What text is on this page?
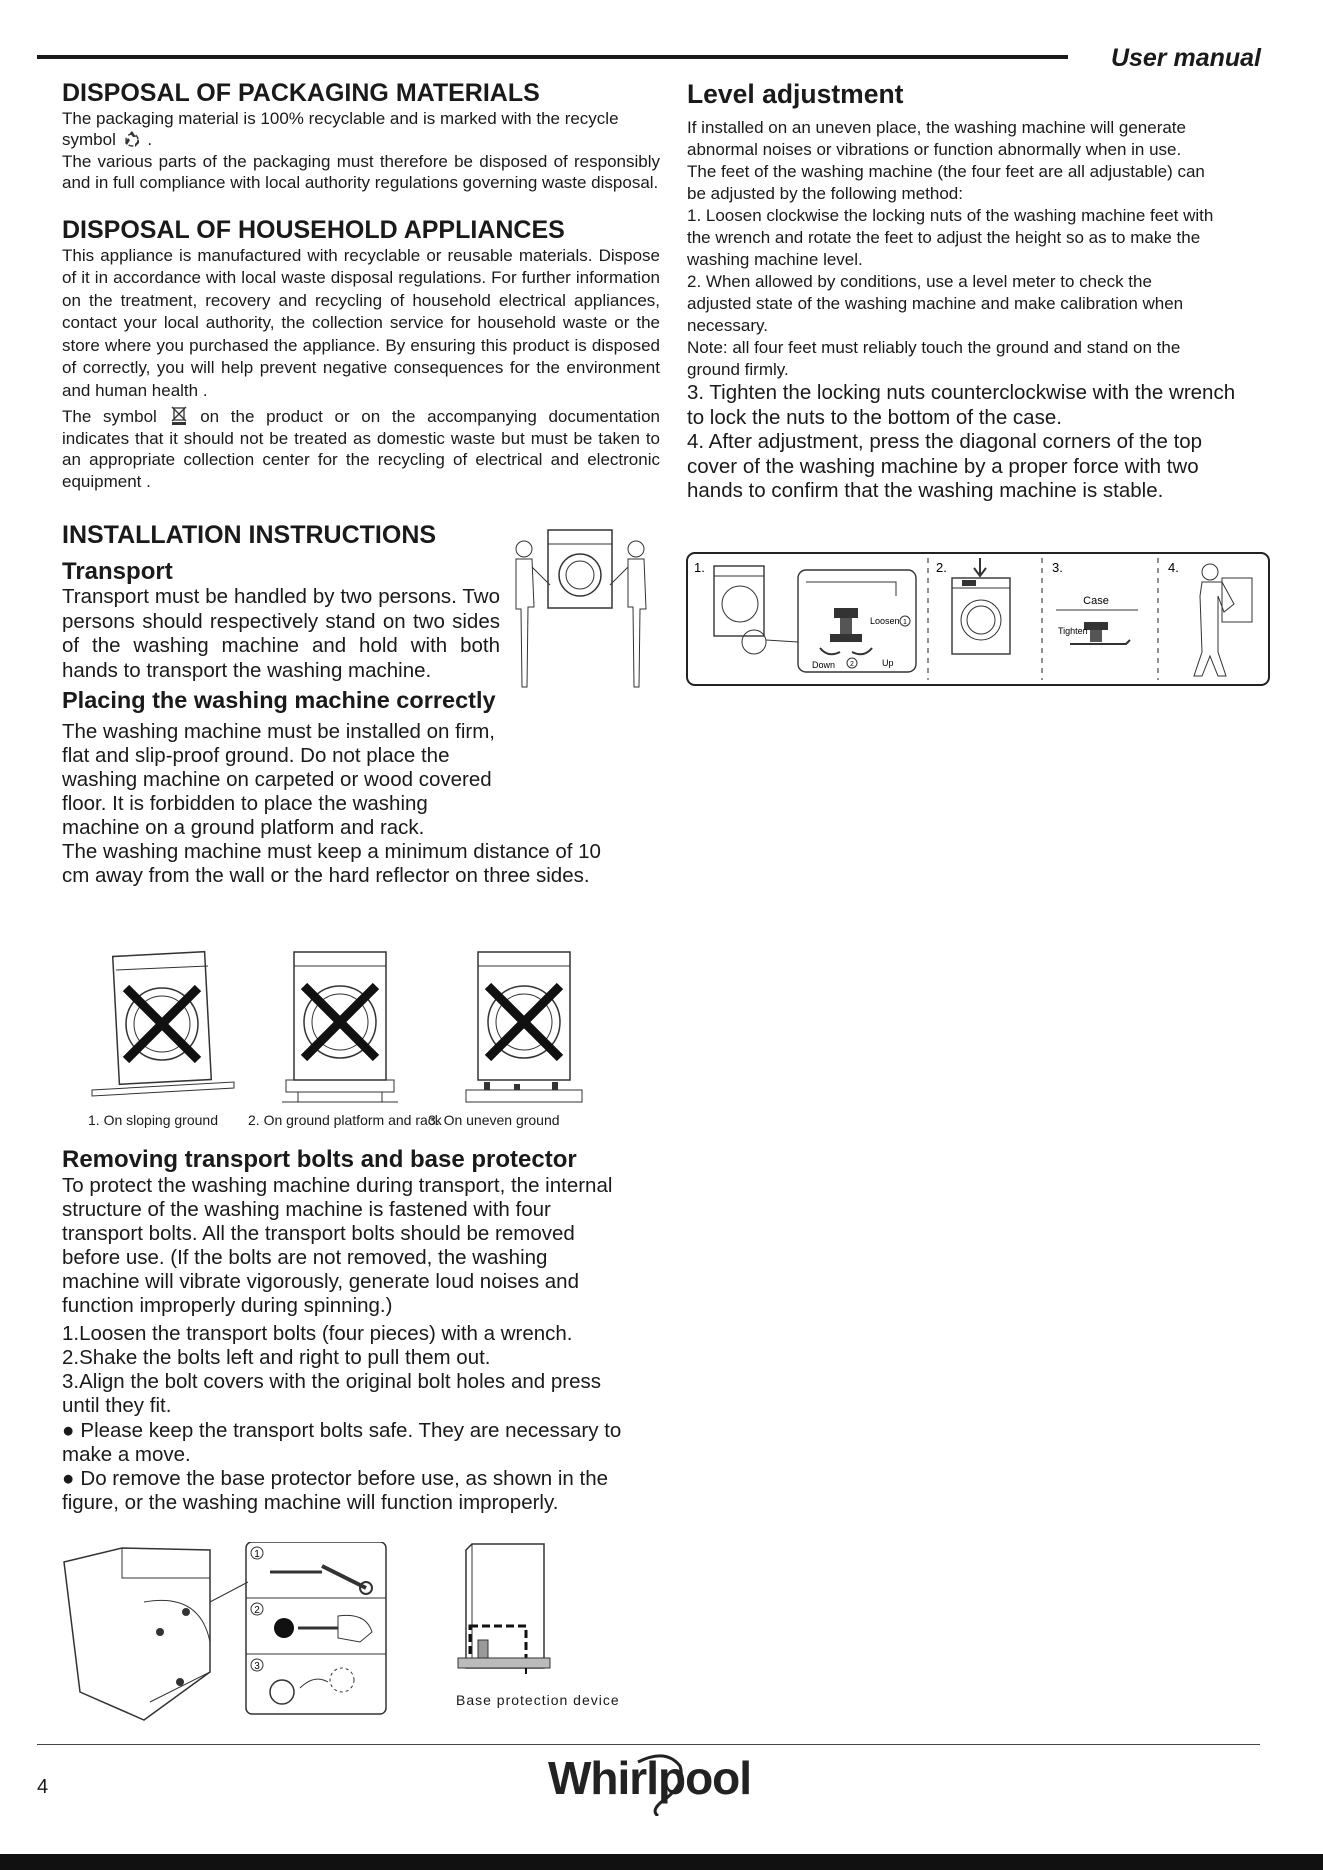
User manual
DISPOSAL OF PACKAGING MATERIALS

The packaging material is 100% recyclable and is marked with the recycle symbol  .

The various parts of the packaging must therefore be disposed of responsibly and in full compliance with local authority regulations governing waste disposal.

DISPOSAL OF HOUSEHOLD APPLIANCES

This appliance is manufactured with recyclable or reusable materials. Dispose of it in accordance with local waste disposal regulations. For further information on the treatment, recovery and recycling of household electrical appliances, contact your local authority, the collection service for household waste or the store where you purchased the appliance. By ensuring this product is disposed of correctly, you will help prevent negative consequences for the environment and human health .

The symbol	on the product or on the accompanying documentation indicates that it should not be treated as domestic waste but must be taken to an appropriate collection center for the recycling of electrical and electronic equipment .

INSTALLATION INSTRUCTIONS
Transport

Transport must be handled by two persons. Two persons should respectively stand on two sides of the washing machine and hold with both hands to transport the washing machine.

Placing the washing machine correctly

The washing machine must be installed on firm, flat and slip-proof ground. Do not place the washing machine on carpeted or wood covered floor. It is forbidden to place the washing machine on a ground platform and rack.

The washing machine must keep a minimum distance of 10 cm away from the wall or the hard reflector on three sides.

1. On sloping ground 2. On ground platform and rack
3. On uneven ground
Removing transport bolts and base protector

To protect the washing machine during transport, the internal structure of the washing machine is fastened with four transport bolts. All the transport bolts should be removed before use. (If the bolts are not removed, the washing machine will vibrate vigorously, generate loud noises and function improperly during spinning.)

1.Loosen the transport bolts (four pieces) with a wrench.

2.Shake the bolts left and right to pull them out.

3.Align the bolt covers with the original bolt holes and press until they fit.

● Please keep the transport bolts safe. They are necessary to make a move.

● Do remove the base protector before use, as shown in the figure, or the washing machine will function improperly.

1
2
3
Base protection device
Level adjustment

If installed on an uneven place, the washing machine will generate abnormal noises or vibrations or function abnormally when in use.

The feet of the washing machine (the four feet are all adjustable) can be adjusted by the following method:

1. Loosen clockwise the locking nuts of the washing machine feet with the wrench and rotate the feet to adjust the height so as to make the washing machine level.

2. When allowed by conditions, use a level meter to check the adjusted state of the washing machine and make calibration when necessary.

Note: all four feet must reliably touch the ground and stand on the ground firmly.

3. Tighten the locking nuts counterclockwise with the wrench to lock the nuts to the bottom of the case.

4. After adjustment, press the diagonal corners of the top cover of the washing machine by a proper force with two hands to confirm that the washing machine is stable.

1.	2.	3.	4.
Loosen 1
Down 2	Up
Case
Tighten
4	Whirlpool
